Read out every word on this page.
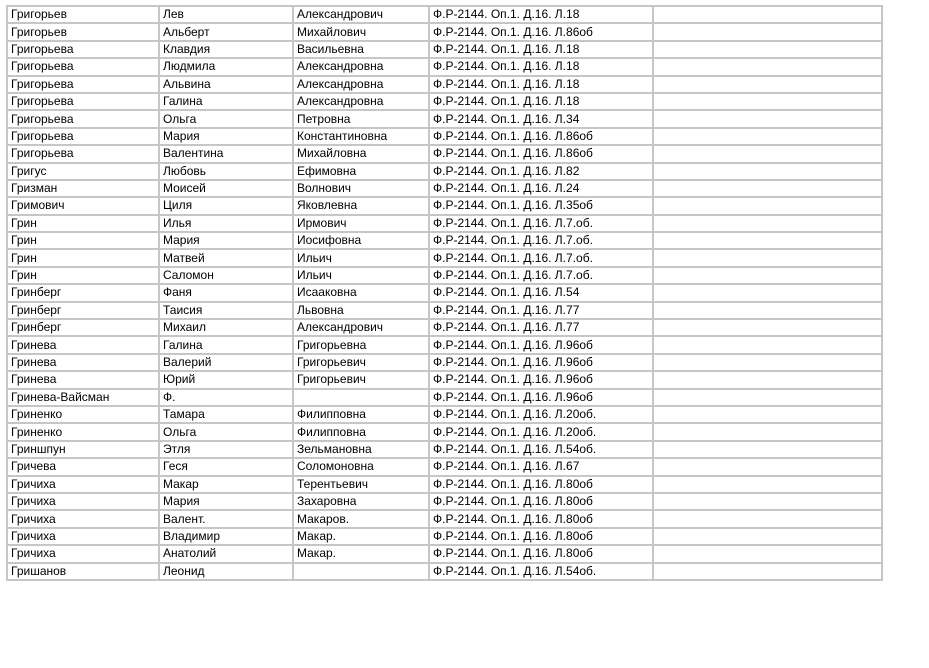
Григорьев	Лев	Александрович	Ф.Р-2144. Оп.1. Д.16. Л.18	
Григорьев	Альберт	Михайлович	Ф.Р-2144. Оп.1. Д.16. Л.86об	
Григорьева	Клавдия	Васильевна	Ф.Р-2144. Оп.1. Д.16. Л.18	
Григорьева	Людмила	Александровна	Ф.Р-2144. Оп.1. Д.16. Л.18	
Григорьева	Альвина	Александровна	Ф.Р-2144. Оп.1. Д.16. Л.18	
Григорьева	Галина	Александровна	Ф.Р-2144. Оп.1. Д.16. Л.18	
Григорьева	Ольга	Петровна	Ф.Р-2144. Оп.1. Д.16. Л.34	
Григорьева	Мария	Константиновна	Ф.Р-2144. Оп.1. Д.16. Л.86об	
Григорьева	Валентина	Михайловна	Ф.Р-2144. Оп.1. Д.16. Л.86об	
Григус	Любовь	Ефимовна	Ф.Р-2144. Оп.1. Д.16. Л.82	
Гризман	Моисей	Волнович	Ф.Р-2144. Оп.1. Д.16. Л.24	
Гримович	Циля	Яковлевна	Ф.Р-2144. Оп.1. Д.16. Л.35об	
Грин	Илья	Ирмович	Ф.Р-2144. Оп.1. Д.16. Л.7.об.	
Грин	Мария	Иосифовна	Ф.Р-2144. Оп.1. Д.16. Л.7.об.	
Грин	Матвей	Ильич	Ф.Р-2144. Оп.1. Д.16. Л.7.об.	
Грин	Саломон	Ильич	Ф.Р-2144. Оп.1. Д.16. Л.7.об.	
Гринберг	Фаня	Исааковна	Ф.Р-2144. Оп.1. Д.16. Л.54	
Гринберг	Таисия	Львовна	Ф.Р-2144. Оп.1. Д.16. Л.77	
Гринберг	Михаил	Александрович	Ф.Р-2144. Оп.1. Д.16. Л.77	
Гринева	Галина	Григорьевна	Ф.Р-2144. Оп.1. Д.16. Л.96об	
Гринева	Валерий	Григорьевич	Ф.Р-2144. Оп.1. Д.16. Л.96об	
Гринева	Юрий	Григорьевич	Ф.Р-2144. Оп.1. Д.16. Л.96об	
Гринева-Вайсман	Ф.		Ф.Р-2144. Оп.1. Д.16. Л.96об	
Гриненко	Тамара	Филипповна	Ф.Р-2144. Оп.1. Д.16. Л.20об.	
Гриненко	Ольга	Филипповна	Ф.Р-2144. Оп.1. Д.16. Л.20об.	
Гриншпун	Этля	Зельмановна	Ф.Р-2144. Оп.1. Д.16. Л.54об.	
Гричева	Геся	Соломоновна	Ф.Р-2144. Оп.1. Д.16. Л.67	
Гричиха	Макар	Терентьевич	Ф.Р-2144. Оп.1. Д.16. Л.80об	
Гричиха	Мария	Захаровна	Ф.Р-2144. Оп.1. Д.16. Л.80об	
Гричиха	Валент.	Макаров.	Ф.Р-2144. Оп.1. Д.16. Л.80об	
Гричиха	Владимир	Макар.	Ф.Р-2144. Оп.1. Д.16. Л.80об	
Гричиха	Анатолий	Макар.	Ф.Р-2144. Оп.1. Д.16. Л.80об	
Гришанов	Леонид		Ф.Р-2144. Оп.1. Д.16. Л.54об.	
